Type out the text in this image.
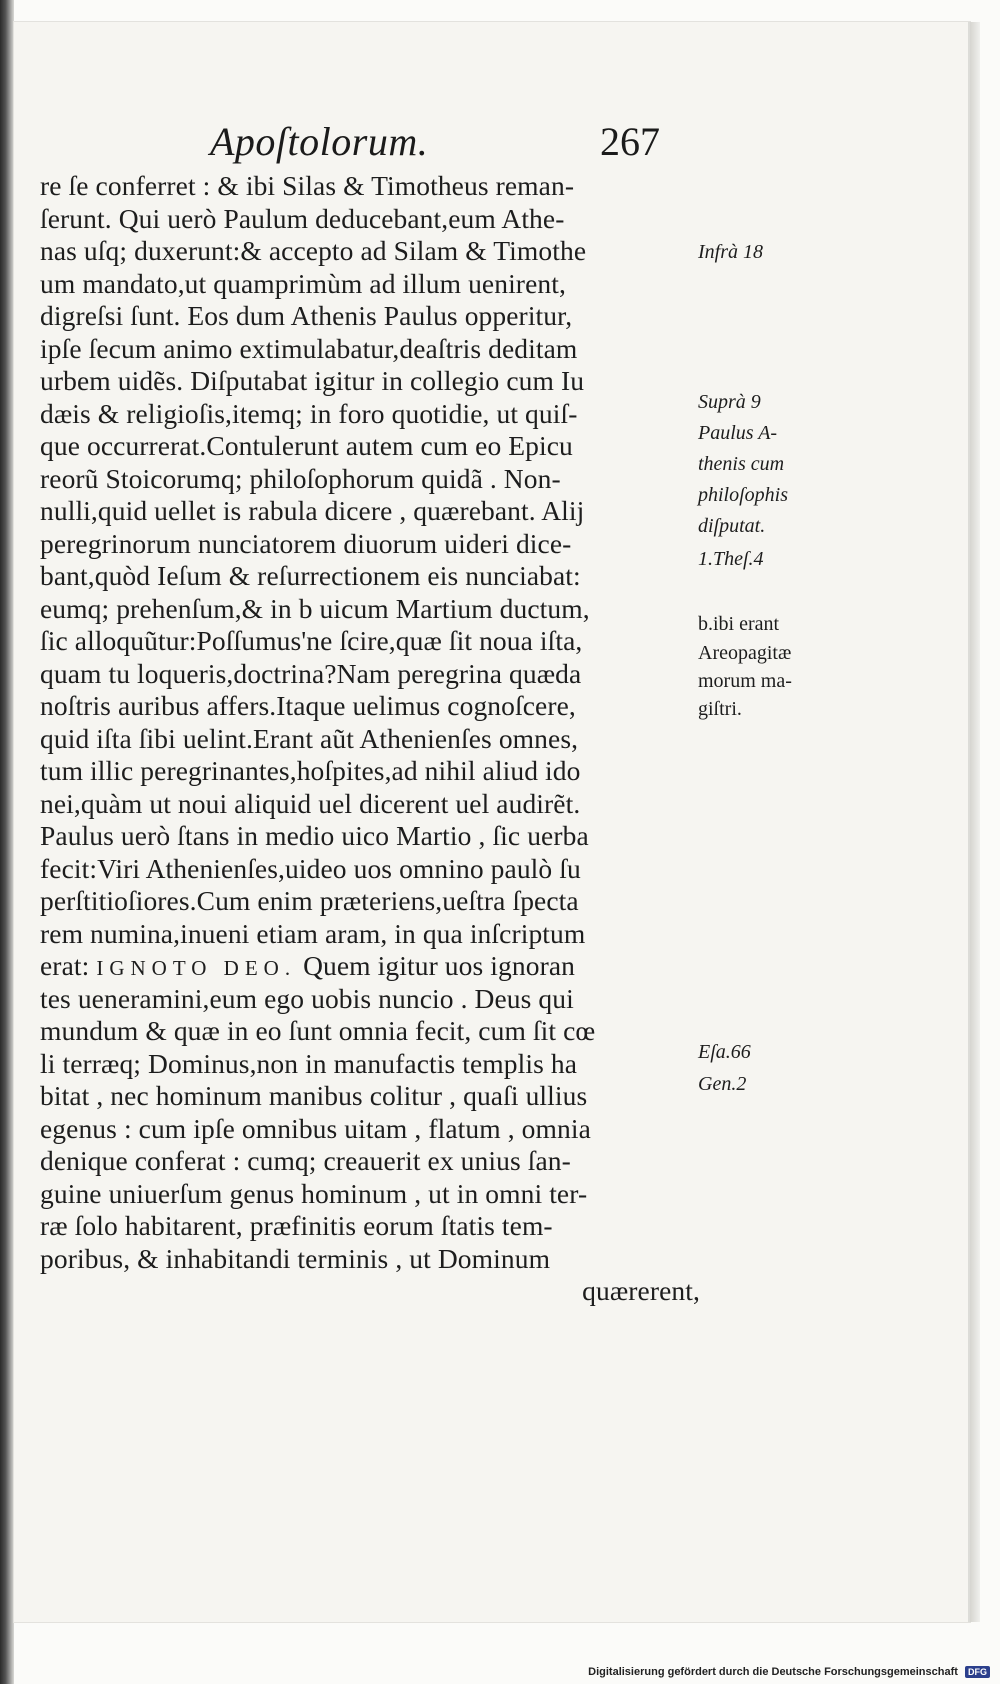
Apoſtolorum.	267
re ſe conferret : & ibi Silas & Timotheus reman-
ſerunt. Qui uerò Paulum deducebant,eum Athe-
nas uſq; duxerunt:& accepto ad Silam & Timothe
um mandato,ut quamprimùm ad illum uenirent,
digreſsi ſunt. Eos dum Athenis Paulus opperitur,
ipſe ſecum animo extimulabatur,deaſtris deditam
urbem uidẽs. Diſputabat igitur in collegio cum Iu
dæis & religioſis,itemq; in foro quotidie, ut quiſ-
que occurrerat.Contulerunt autem cum eo Epicu
reorũ Stoicorumq; philoſophorum quidã . Non-
nulli,quid uellet is rabula dicere , quærebant. Alij
peregrinorum nunciatorem diuorum uideri dice-
bant,quòd Ieſum & reſurrectionem eis nunciabat:
eumq; prehenſum,& in b uicum Martium ductum,
ſic alloquũtur:Poſſumus'ne ſcire,quæ ſit noua iſta,
quam tu loqueris,doctrina?Nam peregrina quæda
noſtris auribus affers.Itaque uelimus cognoſcere,
quid iſta ſibi uelint.Erant aũt Athenienſes omnes,
tum illic peregrinantes,hoſpites,ad nihil aliud ido
nei,quàm ut noui aliquid uel dicerent uel audirẽt.
Paulus uerò ſtans in medio uico Martio , ſic uerba
fecit:Viri Athenienſes,uideo uos omnino paulò ſu
perſtitioſiores.Cum enim præteriens,ueſtra ſpecta
rem numina,inueni etiam aram, in qua inſcriptum
erat: IGNOTO DEO. Quem igitur uos ignoran
tes ueneramini,eum ego uobis nuncio . Deus qui
mundum & quæ in eo ſunt omnia fecit, cum ſit cœ
li terræq; Dominus,non in manufactis templis ha
bitat , nec hominum manibus colitur , quaſi ullius
egenus : cum ipſe omnibus uitam , flatum , omnia
denique conferat : cumq; creauerit ex unius ſan-
guine uniuerſum genus hominum , ut in omni ter-
ræ ſolo habitarent, præfinitis eorum ſtatis tem-
poribus, & inhabitandi terminis , ut Dominum
quærerent,
Infrà 18
Suprà 9
Paulus A-
thenis cum
philoſophis
diſputat.
1.Theſ.4
b.ibi erant
Areopagitæ
morum ma-
giſtri.
Eſa.66
Gen.2
Digitalisierung gefördert durch die Deutsche Forschungsgemeinschaft DFG
